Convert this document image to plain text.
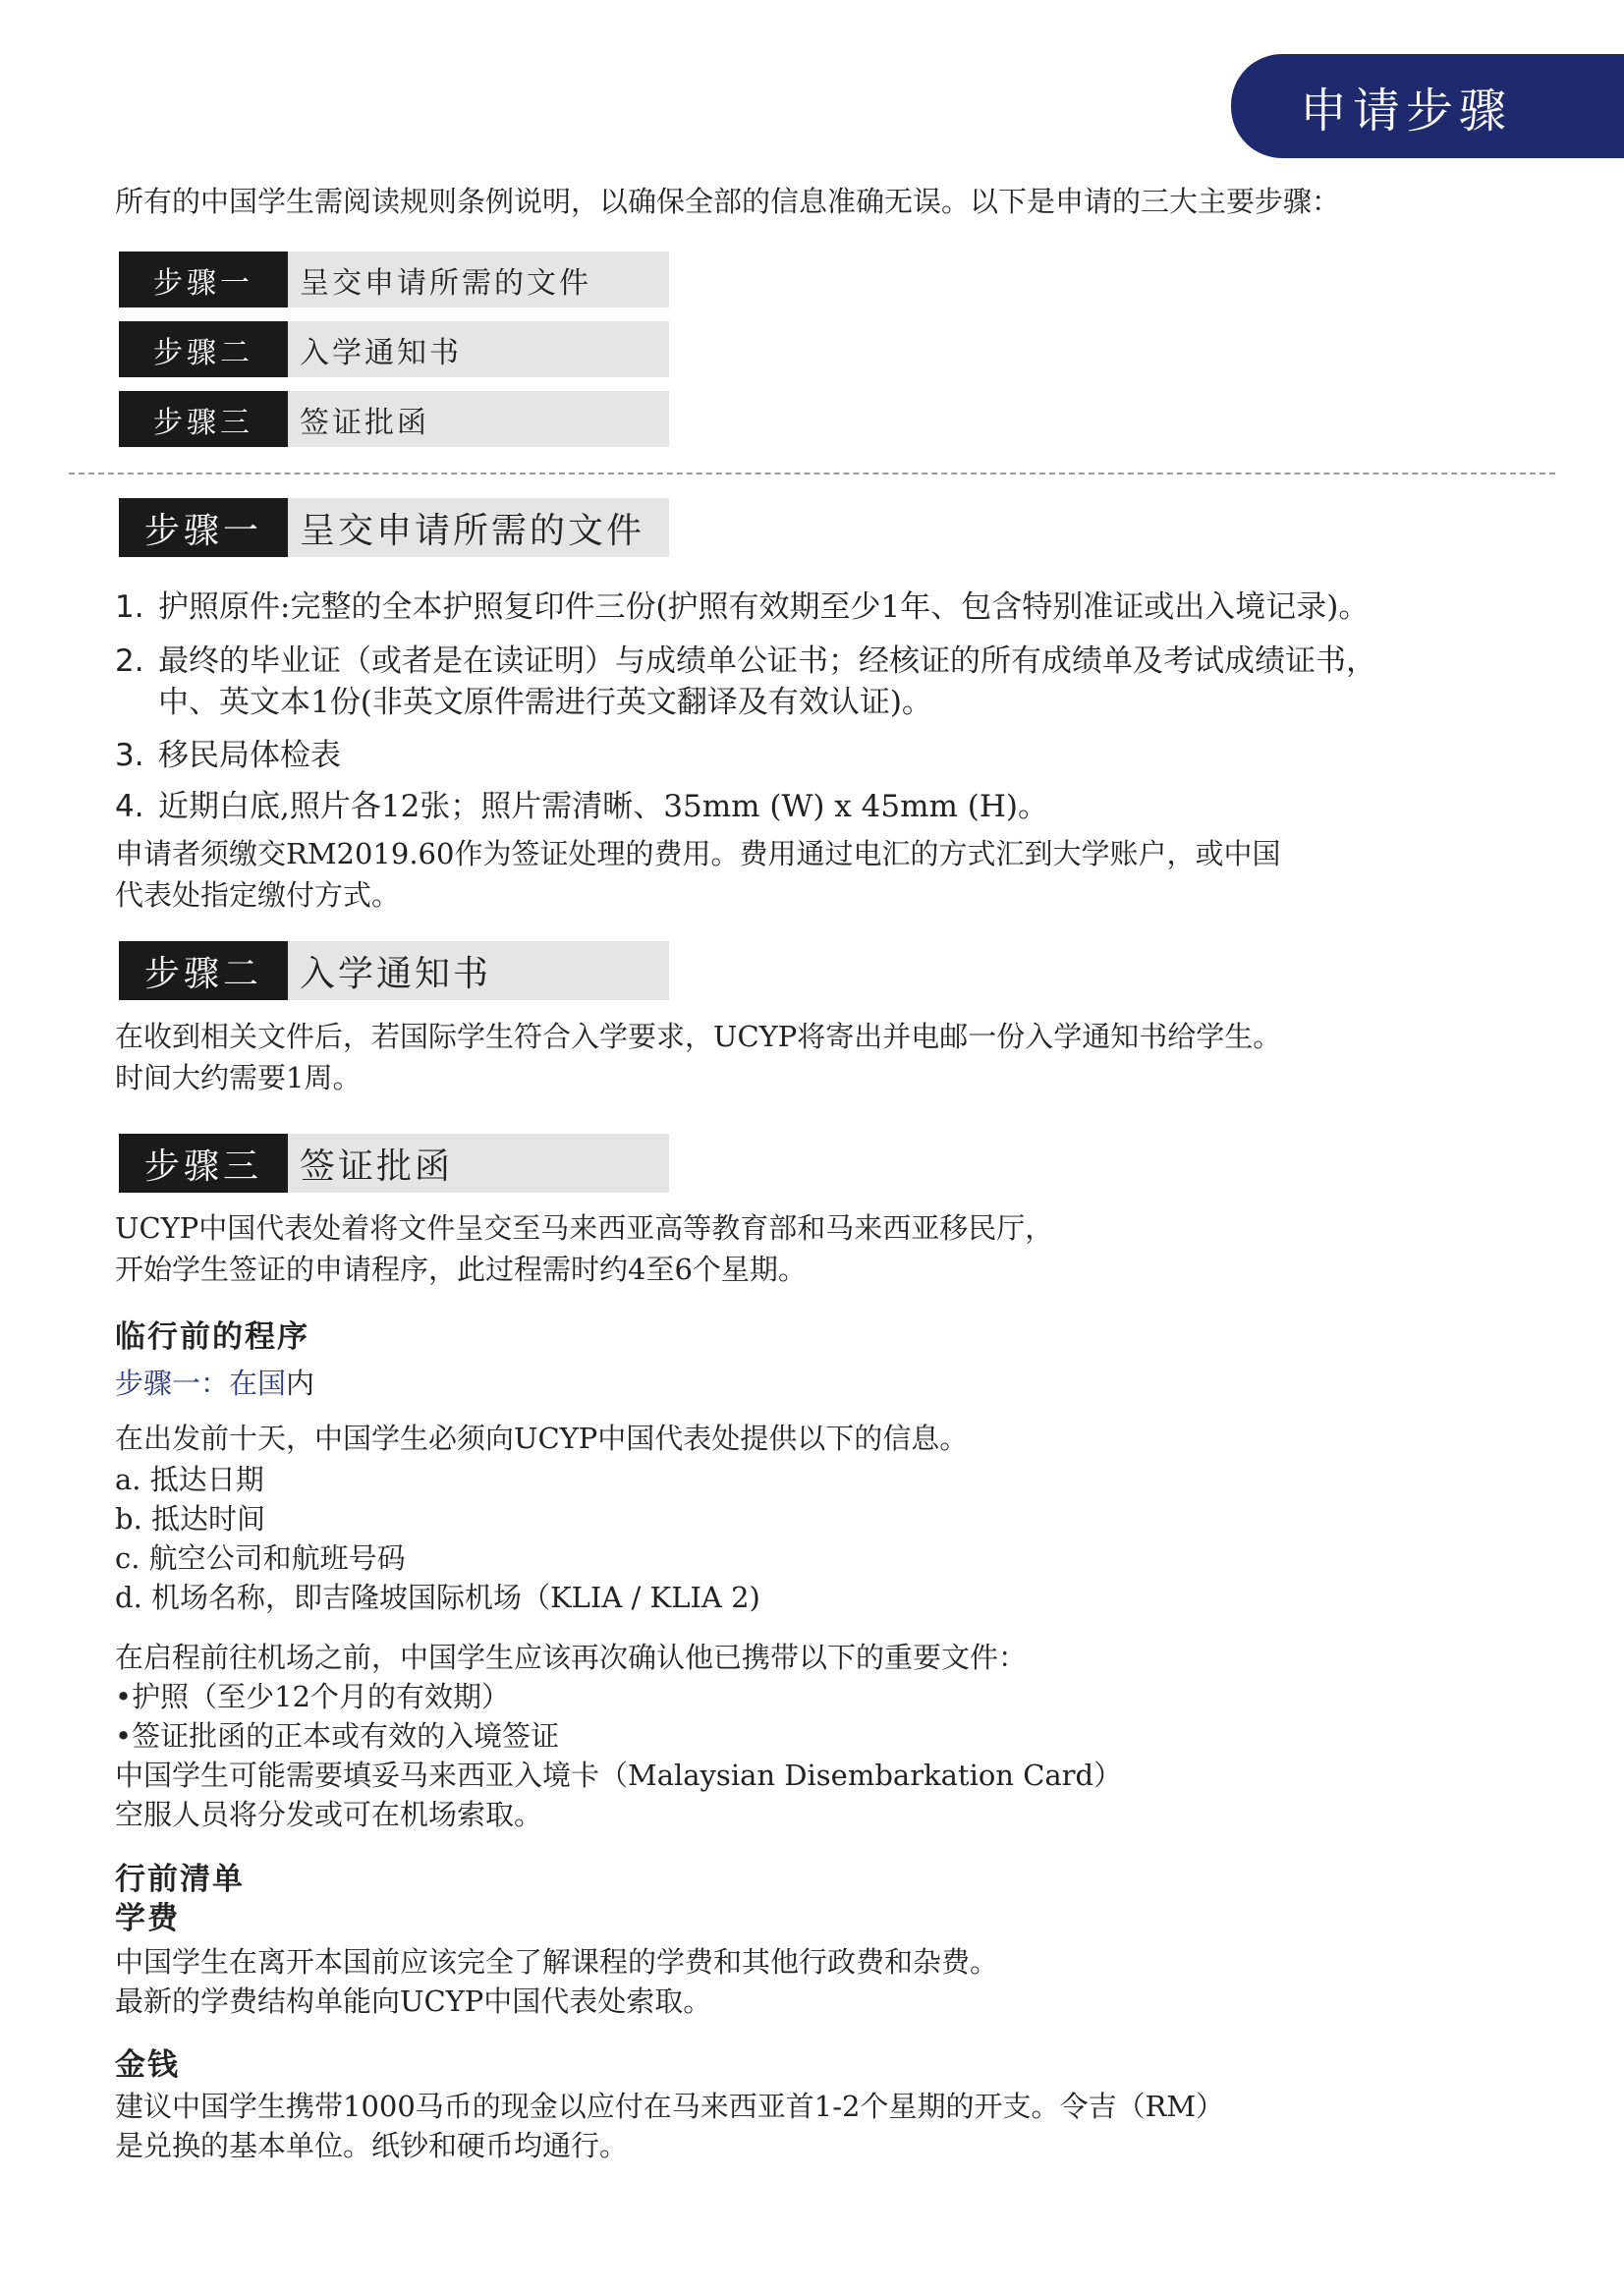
申请步骤

所有的中国学生需阅读规则条例说明，以确保全部的信息准确无误。以下是申请的三大主要步骤：

步骤一	呈交申请所需的文件
步骤二	入学通知书
步骤三	签证批函
步骤一	呈交申请所需的文件
1. 护照原件:完整的全本护照复印件三份(护照有效期至少1年、包含特别准证或出入境记录)。
2. 最终的毕业证（或者是在读证明）与成绩单公证书；经核证的所有成绩单及考试成绩证书，
中、英文本1份(非英文原件需进行英文翻译及有效认证)。
3. 移民局体检表
4. 近期白底,照片各12张；照片需清晰、35mm (W) x 45mm (H)。

申请者须缴交RM2019.60作为签证处理的费用。费用通过电汇的方式汇到大学账户，或中国

代表处指定缴付方式。

步骤二	入学通知书

在收到相关文件后，若国际学生符合入学要求，UCYP将寄出并电邮一份入学通知书给学生。

时间大约需要1周。

步骤三	签证批函

UCYP中国代表处着将文件呈交至马来西亚高等教育部和马来西亚移民厅，

开始学生签证的申请程序，此过程需时约4至6个星期。

临行前的程序

步骤一：在国内

在出发前十天，中国学生必须向UCYP中国代表处提供以下的信息。

a. 抵达日期

b. 抵达时间

c. 航空公司和航班号码

d. 机场名称，即吉隆坡国际机场（KLIA / KLIA 2)

在启程前往机场之前，中国学生应该再次确认他已携带以下的重要文件：

•护照（至少12个月的有效期）

•签证批函的正本或有效的入境签证

中国学生可能需要填妥马来西亚入境卡（Malaysian Disembarkation Card）

空服人员将分发或可在机场索取。

行前清单
学费

中国学生在离开本国前应该完全了解课程的学费和其他行政费和杂费。

最新的学费结构单能向UCYP中国代表处索取。

金钱

建议中国学生携带1000马币的现金以应付在马来西亚首1-2个星期的开支。令吉（RM）

是兑换的基本单位。纸钞和硬币均通行。
